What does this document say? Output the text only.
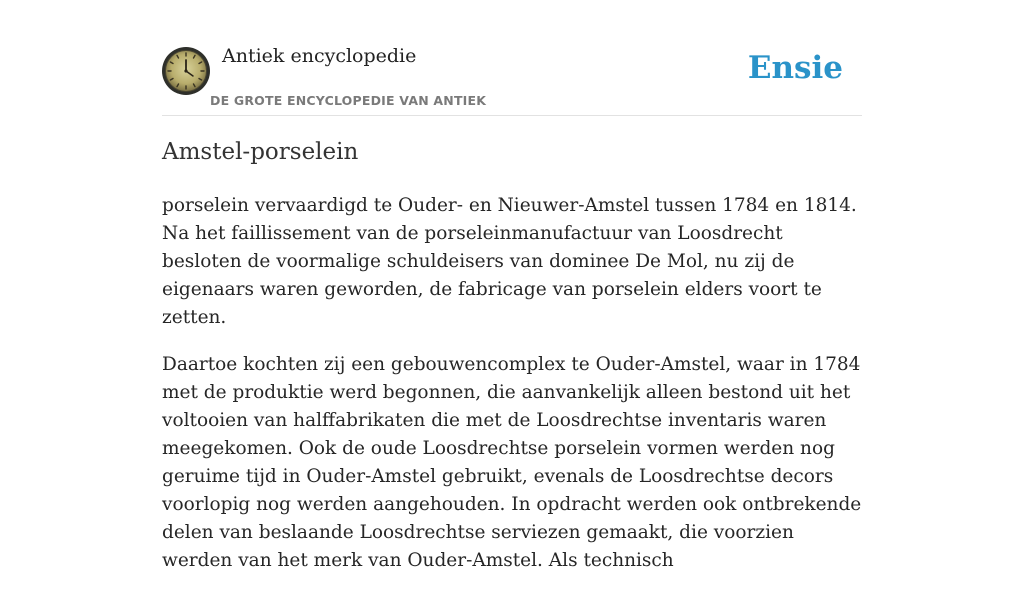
Antiek encyclopedie
DE GROTE ENCYCLOPEDIE VAN ANTIEK
Ensie
Amstel-porselein

porselein vervaardigd te Ouder- en Nieuwer-Amstel tussen 1784 en 1814. Na het faillissement van de porseleinmanufactuur van Loosdrecht besloten de voormalige schuldeisers van dominee De Mol, nu zij de eigenaars waren geworden, de fabricage van porselein elders voort te zetten.

Daartoe kochten zij een gebouwencomplex te Ouder-Amstel, waar in 1784 met de produktie werd begonnen, die aanvankelijk alleen bestond uit het voltooien van halffabrikaten die met de Loosdrechtse inventaris waren meegekomen. Ook de oude Loosdrechtse porselein vormen werden nog geruime tijd in Ouder-Amstel gebruikt, evenals de Loosdrechtse decors voorlopig nog werden aangehouden. In opdracht werden ook ontbrekende delen van beslaande Loosdrechtse serviezen gemaakt, die voorzien werden van het merk van Ouder-Amstel. Als technisch
